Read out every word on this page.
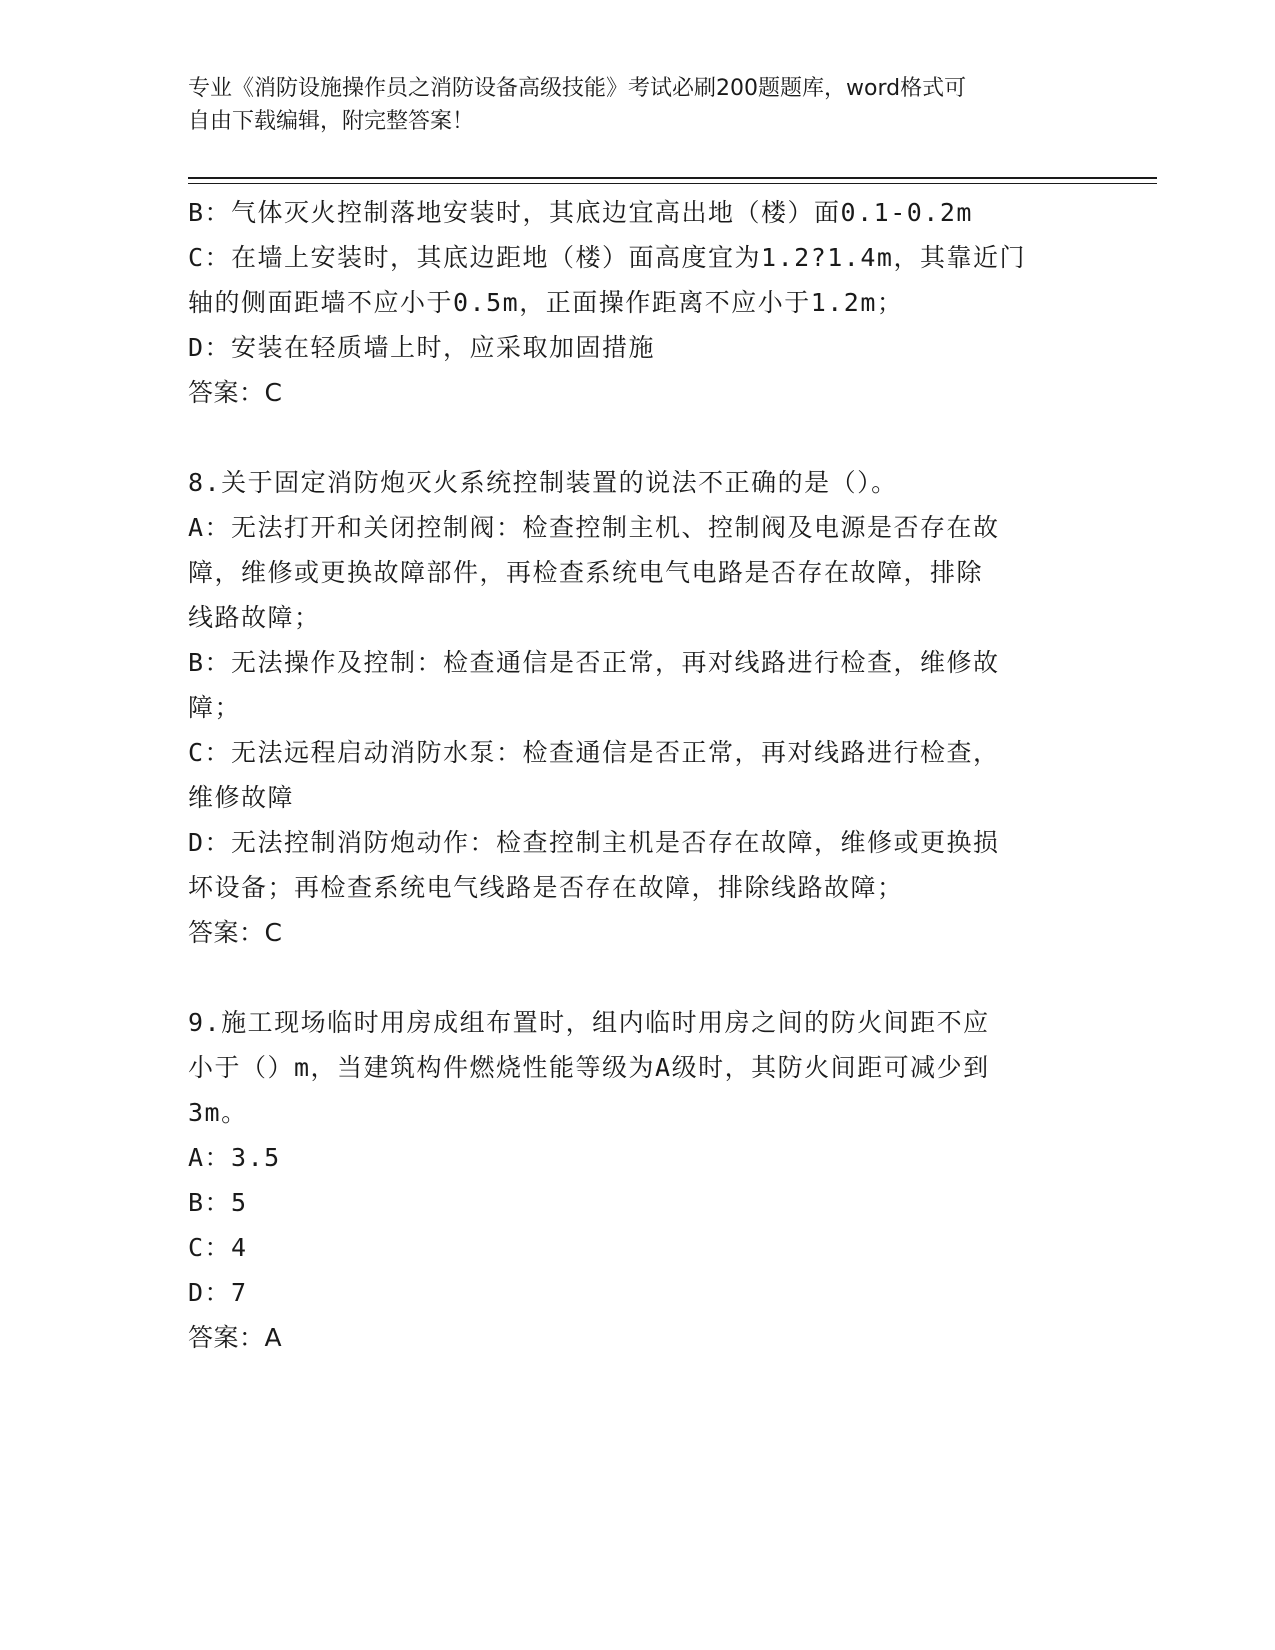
专业《消防设施操作员之消防设备高级技能》考试必刷200题题库，word格式可
自由下载编辑，附完整答案！

B：气体灭火控制落地安装时，其底边宜高出地（楼）面0.1-0.2m

C：在墙上安装时，其底边距地（楼）面高度宜为1.2?1.4m，其靠近门

轴的侧面距墙不应小于0.5m，正面操作距离不应小于1.2m；

D：安装在轻质墙上时，应采取加固措施

答案：C

8.关于固定消防炮灭火系统控制装置的说法不正确的是（）。

A：无法打开和关闭控制阀：检查控制主机、控制阀及电源是否存在故

障，维修或更换故障部件，再检查系统电气电路是否存在故障，排除

线路故障；

B：无法操作及控制：检查通信是否正常，再对线路进行检查，维修故

障；

C：无法远程启动消防水泵：检查通信是否正常，再对线路进行检查，

维修故障

D：无法控制消防炮动作：检查控制主机是否存在故障，维修或更换损

坏设备；再检查系统电气线路是否存在故障，排除线路故障；

答案：C

9.施工现场临时用房成组布置时，组内临时用房之间的防火间距不应

小于（）m，当建筑构件燃烧性能等级为A级时，其防火间距可减少到

3m。

A：3.5

B：5

C：4

D：7

答案：A
